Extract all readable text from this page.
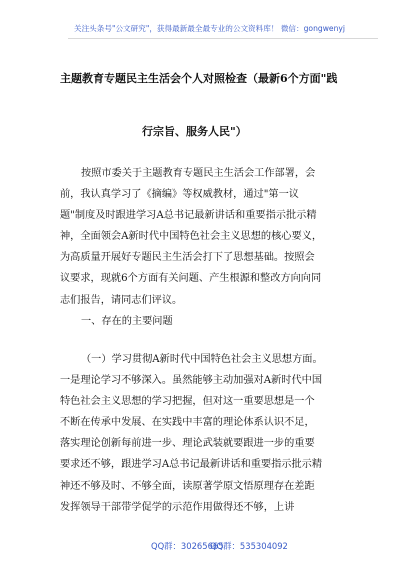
关注头条号"公文研究"，获得最新最全最专业的公文资料库！ 微信：gongwenyj
主题教育专题民主生活会个人对照检查（最新6个方面"践
行宗旨、服务人民"）
按照市委关于主题教育专题民主生活会工作部署，会
前，我认真学习了《摘编》等权威教材，通过"第一议
题"制度及时跟进学习A总书记最新讲话和重要指示批示精
神，全面领会A新时代中国特色社会主义思想的核心要义，
为高质量开展好专题民主生活会打下了思想基础。按照会
议要求，现就6个方面有关问题、产生根源和整改方向向同
志们报告，请同志们评议。
一、存在的主要问题
（一）学习贯彻A新时代中国特色社会主义思想方面。
一是理论学习不够深入。虽然能够主动加强对A新时代中国
特色社会主义思想的学习把握，但对这一重要思想是一个
不断在传承中发展、在实践中丰富的理论体系认识不足，
落实理论创新每前进一步、理论武装就要跟进一步的重要
要求还不够，跟进学习A总书记最新讲话和重要指示批示精
神还不够及时、不够全面，读原著学原文悟原理存在差距
发挥领导干部带学促学的示范作用做得还不够，上讲
QQ群：30265665
QQ群：535304092
